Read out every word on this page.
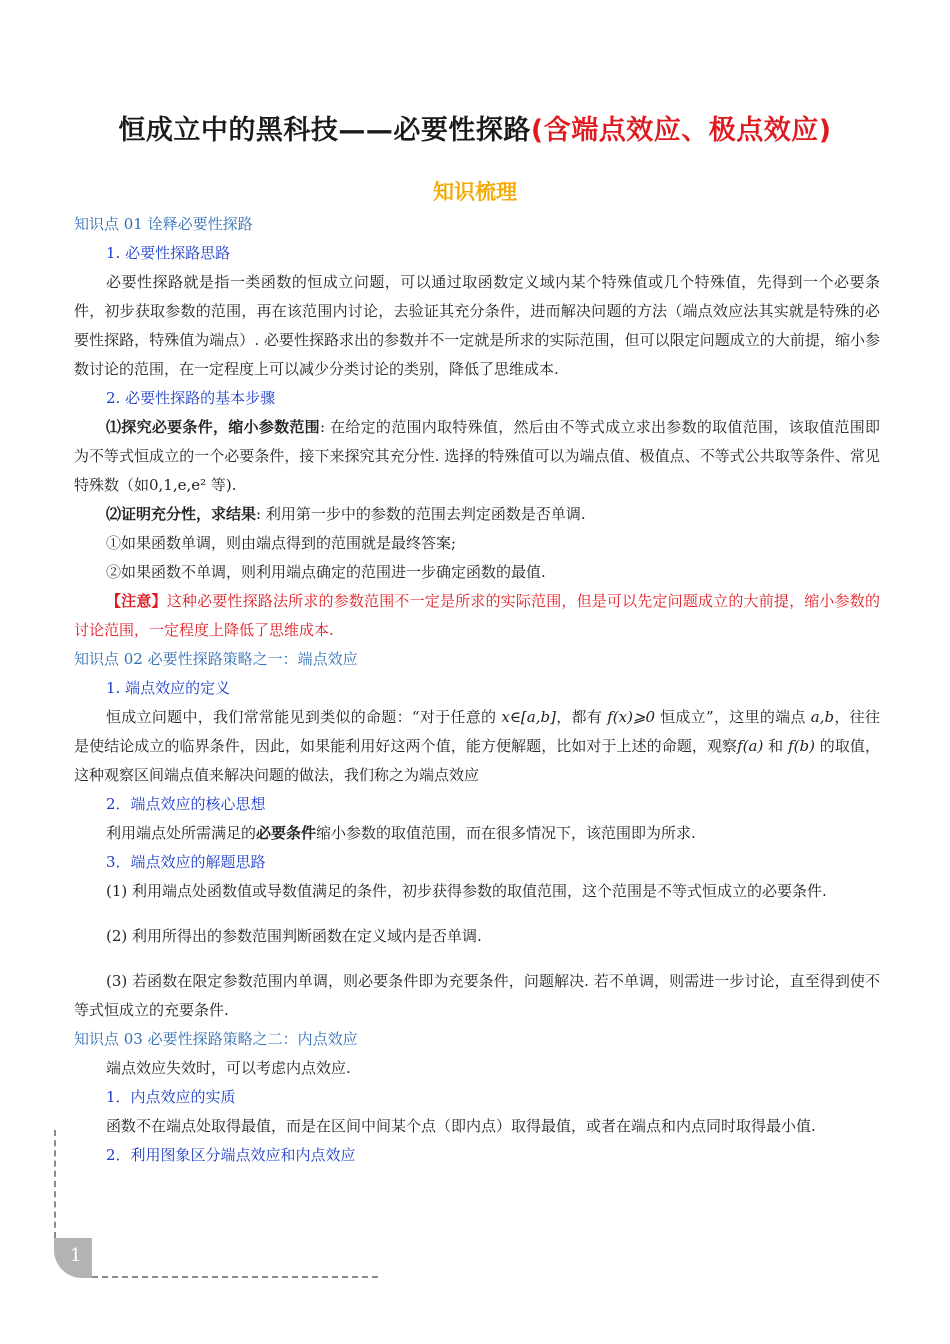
恒成立中的黑科技——必要性探路(含端点效应、极点效应)
知识梳理

知识点 01 诠释必要性探路

1. 必要性探路思路

必要性探路就是指一类函数的恒成立问题，可以通过取函数定义域内某个特殊值或几个特殊值，先得到一个必要条件，初步获取参数的范围，再在该范围内讨论，去验证其充分条件，进而解决问题的方法（端点效应法其实就是特殊的必要性探路，特殊值为端点）. 必要性探路求出的参数并不一定就是所求的实际范围，但可以限定问题成立的大前提，缩小参数讨论的范围，在一定程度上可以减少分类讨论的类别，降低了思维成本.

2. 必要性探路的基本步骤

⑴探究必要条件，缩小参数范围: 在给定的范围内取特殊值，然后由不等式成立求出参数的取值范围，该取值范围即为不等式恒成立的一个必要条件，接下来探究其充分性. 选择的特殊值可以为端点值、极值点、不等式公共取等条件、常见特殊数（如0,1,e,e² 等).

⑵证明充分性，求结果: 利用第一步中的参数的范围去判定函数是否单调.

①如果函数单调，则由端点得到的范围就是最终答案;

②如果函数不单调，则利用端点确定的范围进一步确定函数的最值.

【注意】这种必要性探路法所求的参数范围不一定是所求的实际范围，但是可以先定问题成立的大前提，缩小参数的讨论范围，一定程度上降低了思维成本.

知识点 02 必要性探路策略之一：端点效应

1. 端点效应的定义

恒成立问题中，我们常常能见到类似的命题：“对于任意的 x∈[a,b]，都有 f(x)⩾0 恒成立”，这里的端点 a,b，往往是使结论成立的临界条件，因此，如果能利用好这两个值，能方便解题，比如对于上述的命题，观察f(a) 和 f(b) 的取值，这种观察区间端点值来解决问题的做法，我们称之为端点效应

2．端点效应的核心思想

利用端点处所需满足的必要条件缩小参数的取值范围，而在很多情况下，该范围即为所求.

3．端点效应的解题思路

(1) 利用端点处函数值或导数值满足的条件，初步获得参数的取值范围，这个范围是不等式恒成立的必要条件.

(2) 利用所得出的参数范围判断函数在定义域内是否单调.

(3) 若函数在限定参数范围内单调，则必要条件即为充要条件，问题解决. 若不单调，则需进一步讨论，直至得到使不等式恒成立的充要条件.

知识点 03 必要性探路策略之二：内点效应

端点效应失效时，可以考虑内点效应.

1．内点效应的实质

函数不在端点处取得最值，而是在区间中间某个点（即内点）取得最值，或者在端点和内点同时取得最小值.

2．利用图象区分端点效应和内点效应

1
